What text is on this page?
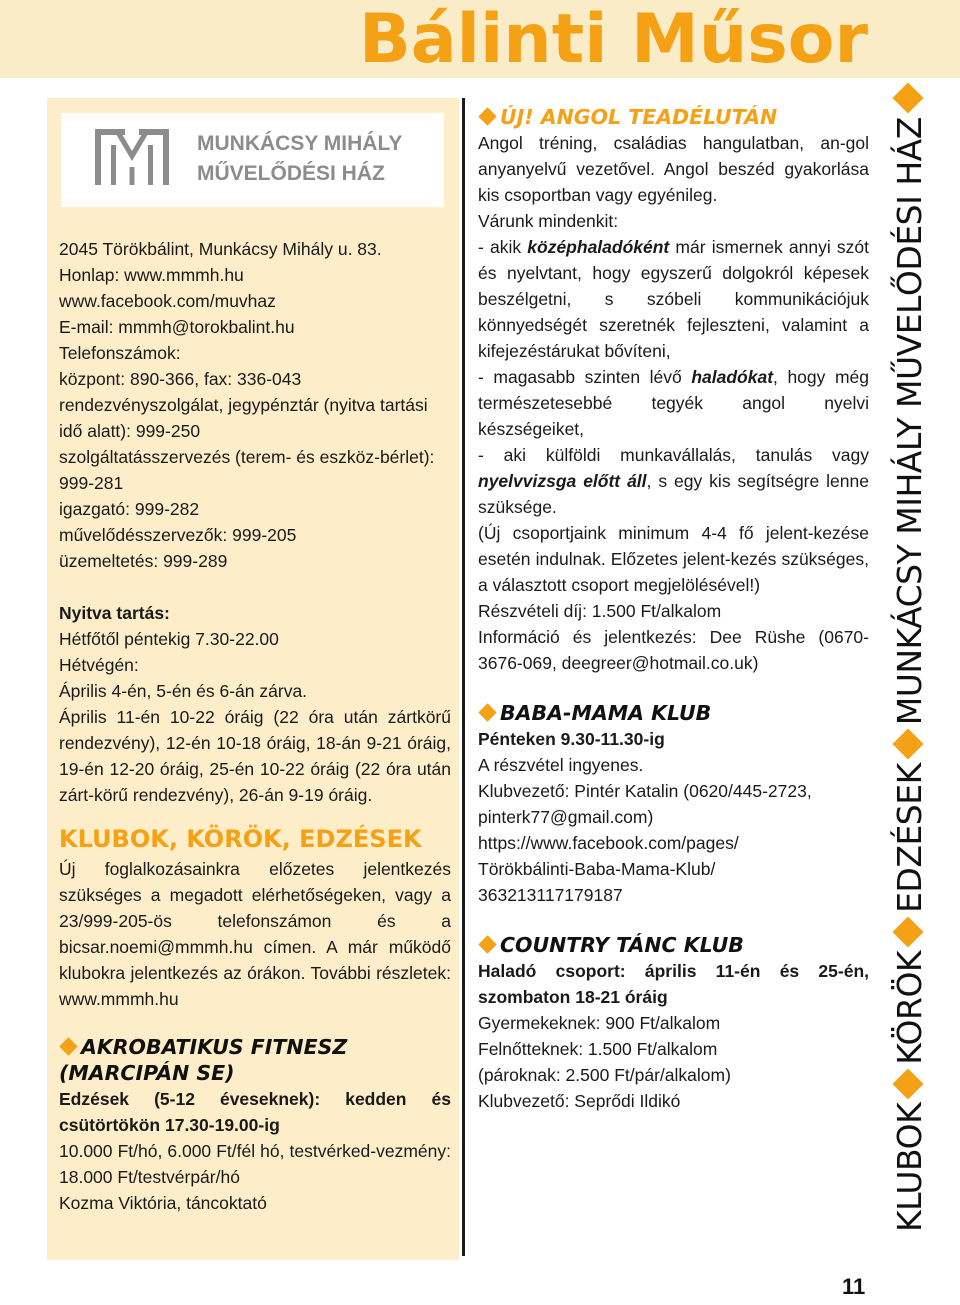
Bálinti Műsor
MUNKÁCSY MIHÁLY
MŰVELŐDÉSI HÁZ

2045 Törökbálint, Munkácsy Mihály u. 83.

Honlap: www.mmmh.hu

www.facebook.com/muvhaz

E-mail: mmmh@torokbalint.hu

Telefonszámok:

központ: 890-366, fax: 336-043

rendezvényszolgálat, jegypénztár (nyitva tartási idő alatt): 999-250

szolgáltatásszervezés (terem- és eszköz-bérlet): 999-281

igazgató: 999-282

művelődésszervezők: 999-205

üzemeltetés: 999-289

Nyitva tartás:

Hétfőtől péntekig 7.30-22.00

Hétvégén:

Április 4-én, 5-én és 6-án zárva.

Április 11-én 10-22 óráig (22 óra után zártkörű rendezvény), 12-én 10-18 óráig, 18-án 9-21 óráig, 19-én 12-20 óráig, 25-én 10-22 óráig (22 óra után zárt-körű rendezvény), 26-án 9-19 óráig.

KLUBOK, KÖRÖK, EDZÉSEK

Új foglalkozásainkra előzetes jelentkezés szükséges a megadott elérhetőségeken, vagy a 23/999-205-ös telefonszámon és a bicsar.noemi@mmmh.hu címen. A már működő klubokra jelentkezés az órákon. További részletek: www.mmmh.hu

AKROBATIKUS FITNESZ

(MARCIPÁN SE)

Edzések (5-12 éveseknek): kedden és csütörtökön 17.30-19.00-ig

10.000 Ft/hó, 6.000 Ft/fél hó, testvérked-vezmény: 18.000 Ft/testvérpár/hó

Kozma Viktória, táncoktató

ÚJ! ANGOL TEADÉLUTÁN

Angol tréning, családias hangulatban, an-gol anyanyelvű vezetővel. Angol beszéd gyakorlása kis csoportban vagy egyénileg.

Várunk mindenkit:

- akik középhaladóként már ismernek annyi szót és nyelvtant, hogy egyszerű dolgokról képesek beszélgetni, s szóbeli kommunikációjuk könnyedségét szeretnék fejleszteni, valamint a kifejezéstárukat bővíteni,

- magasabb szinten lévő haladókat, hogy még természetesebbé tegyék angol nyelvi készségeiket,

- aki külföldi munkavállalás, tanulás vagy nyelvvizsga előtt áll, s egy kis segítségre lenne szüksége.

(Új csoportjaink minimum 4-4 fő jelent-kezése esetén indulnak. Előzetes jelent-kezés szükséges, a választott csoport megjelölésével!)

Részvételi díj: 1.500 Ft/alkalom

Információ és jelentkezés: Dee Rüshe (0670-3676-069, deegreer@hotmail.co.uk)

BABA-MAMA KLUB

Pénteken 9.30-11.30-ig

A részvétel ingyenes.

Klubvezető: Pintér Katalin (0620/445-2723, pinterk77@gmail.com)

https://www.facebook.com/pages/
Törökbálinti-Baba-Mama-Klub/
363213117179187

COUNTRY TÁNC KLUB

Haladó csoport: április 11-én és 25-én, szombaton 18-21 óráig

Gyermekeknek: 900 Ft/alkalom

Felnőtteknek: 1.500 Ft/alkalom

(pároknak: 2.500 Ft/pár/alkalom)

Klubvezető: Seprődi Ildikó

KLUBOKKÖRÖKEDZÉSEKMUNKÁCSY MIHÁLY MŰVELŐDÉSI HÁZ
11
